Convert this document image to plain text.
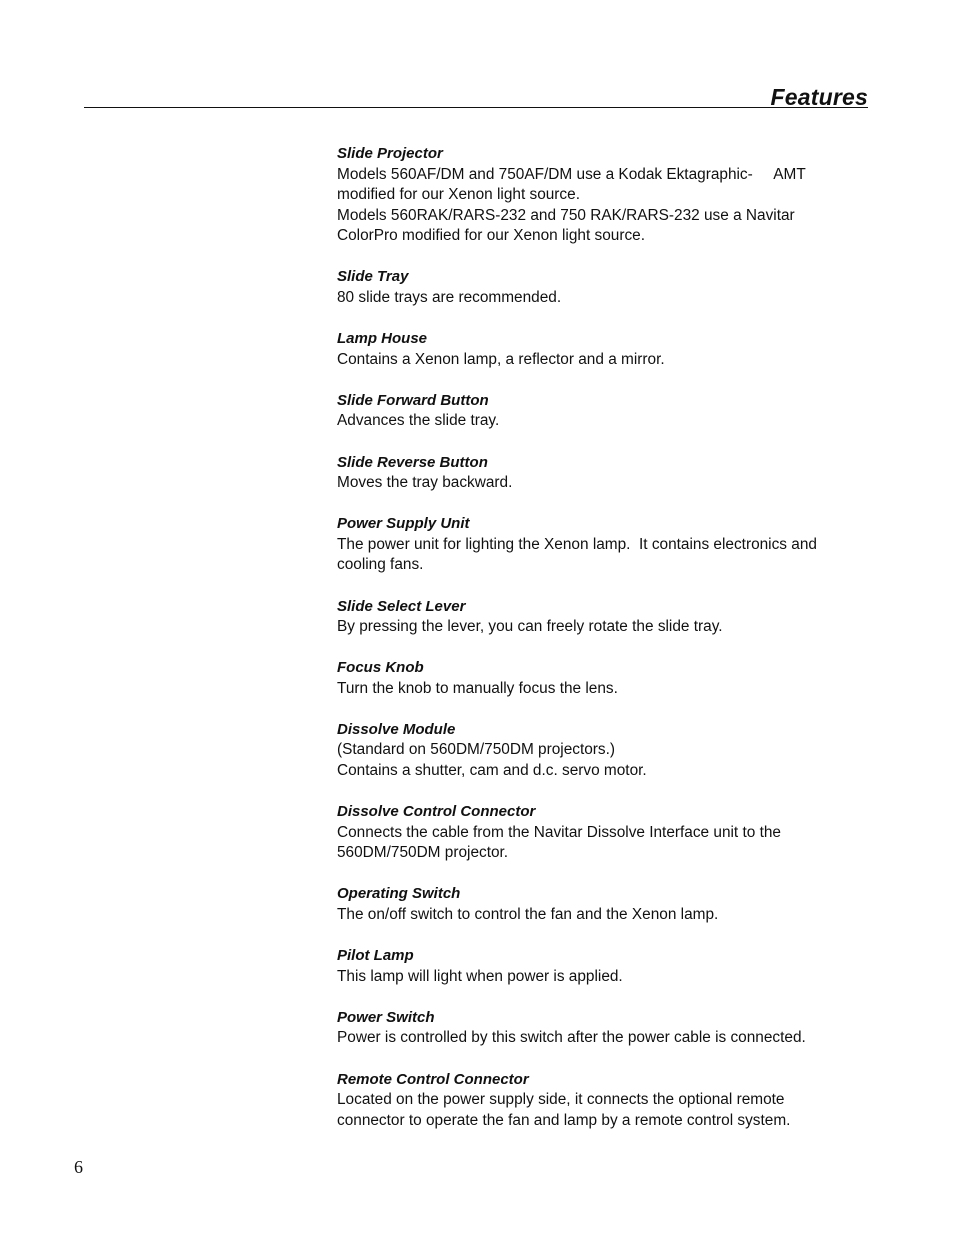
Features
Slide Projector
Models 560AF/DM and 750AF/DM use a Kodak Ektagraphic-     AMT
modified for our Xenon light source.
Models 560RAK/RARS-232 and 750 RAK/RARS-232 use a Navitar
ColorPro modified for our Xenon light source.
Slide Tray
80 slide trays are recommended.
Lamp House
Contains a Xenon lamp, a reflector and a mirror.
Slide Forward Button
Advances the slide tray.
Slide Reverse Button
Moves the tray backward.
Power Supply Unit
The power unit for lighting the Xenon lamp.  It contains electronics and
cooling fans.
Slide Select Lever
By pressing the lever, you can freely rotate the slide tray.
Focus Knob
Turn the knob to manually focus the lens.
Dissolve Module
(Standard on 560DM/750DM projectors.)
Contains a shutter, cam and d.c. servo motor.
Dissolve Control Connector
Connects the cable from the Navitar Dissolve Interface unit to the
560DM/750DM projector.
Operating Switch
The on/off switch to control the fan and the Xenon lamp.
Pilot Lamp
This lamp will light when power is applied.
Power Switch
Power is controlled by this switch after the power cable is connected.
Remote Control Connector
Located on the power supply side, it connects the optional remote
connector to operate the fan and lamp by a remote control system.
6
